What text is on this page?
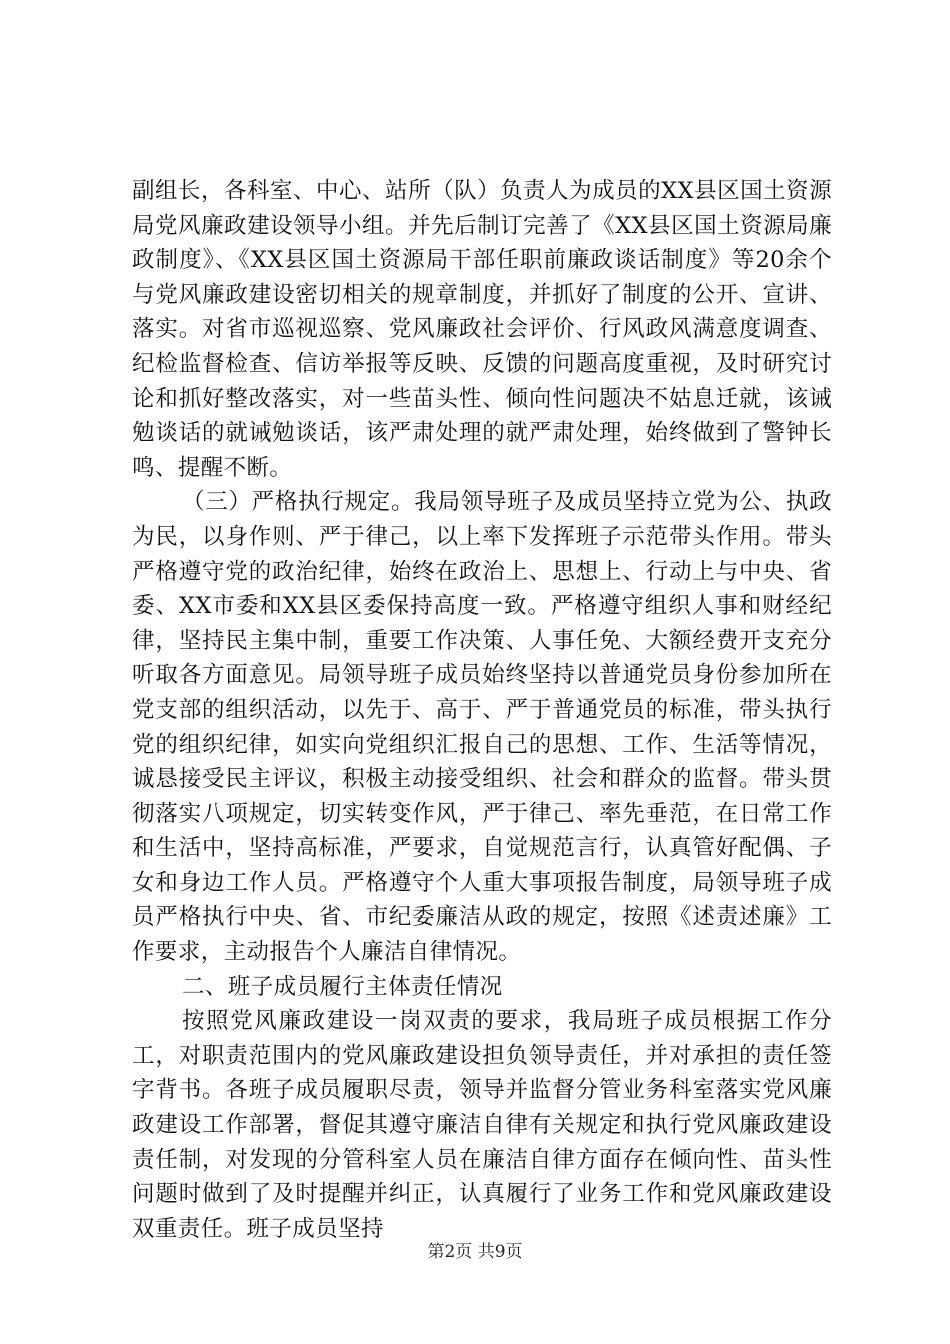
副组长，各科室、中心、站所（队）负责人为成员的XX县区国土资源局党风廉政建设领导小组。并先后制订完善了《XX县区国土资源局廉政制度》、《XX县区国土资源局干部任职前廉政谈话制度》等20余个与党风廉政建设密切相关的规章制度，并抓好了制度的公开、宣讲、落实。对省市巡视巡察、党风廉政社会评价、行风政风满意度调查、纪检监督检查、信访举报等反映、反馈的问题高度重视，及时研究讨论和抓好整改落实，对一些苗头性、倾向性问题决不姑息迁就，该诫勉谈话的就诫勉谈话，该严肃处理的就严肃处理，始终做到了警钟长鸣、提醒不断。

（三）严格执行规定。我局领导班子及成员坚持立党为公、执政为民，以身作则、严于律己，以上率下发挥班子示范带头作用。带头严格遵守党的政治纪律，始终在政治上、思想上、行动上与中央、省委、XX市委和XX县区委保持高度一致。严格遵守组织人事和财经纪律，坚持民主集中制，重要工作决策、人事任免、大额经费开支充分听取各方面意见。局领导班子成员始终坚持以普通党员身份参加所在党支部的组织活动，以先于、高于、严于普通党员的标准，带头执行党的组织纪律，如实向党组织汇报自己的思想、工作、生活等情况，诚恳接受民主评议，积极主动接受组织、社会和群众的监督。带头贯彻落实八项规定，切实转变作风，严于律己、率先垂范，在日常工作和生活中，坚持高标准，严要求，自觉规范言行，认真管好配偶、子女和身边工作人员。严格遵守个人重大事项报告制度，局领导班子成员严格执行中央、省、市纪委廉洁从政的规定，按照《述责述廉》工作要求，主动报告个人廉洁自律情况。

二、班子成员履行主体责任情况

按照党风廉政建设一岗双责的要求，我局班子成员根据工作分工，对职责范围内的党风廉政建设担负领导责任，并对承担的责任签字背书。各班子成员履职尽责，领导并监督分管业务科室落实党风廉政建设工作部署，督促其遵守廉洁自律有关规定和执行党风廉政建设责任制，对发现的分管科室人员在廉洁自律方面存在倾向性、苗头性问题时做到了及时提醒并纠正，认真履行了业务工作和党风廉政建设双重责任。班子成员坚持

第2页 共9页
